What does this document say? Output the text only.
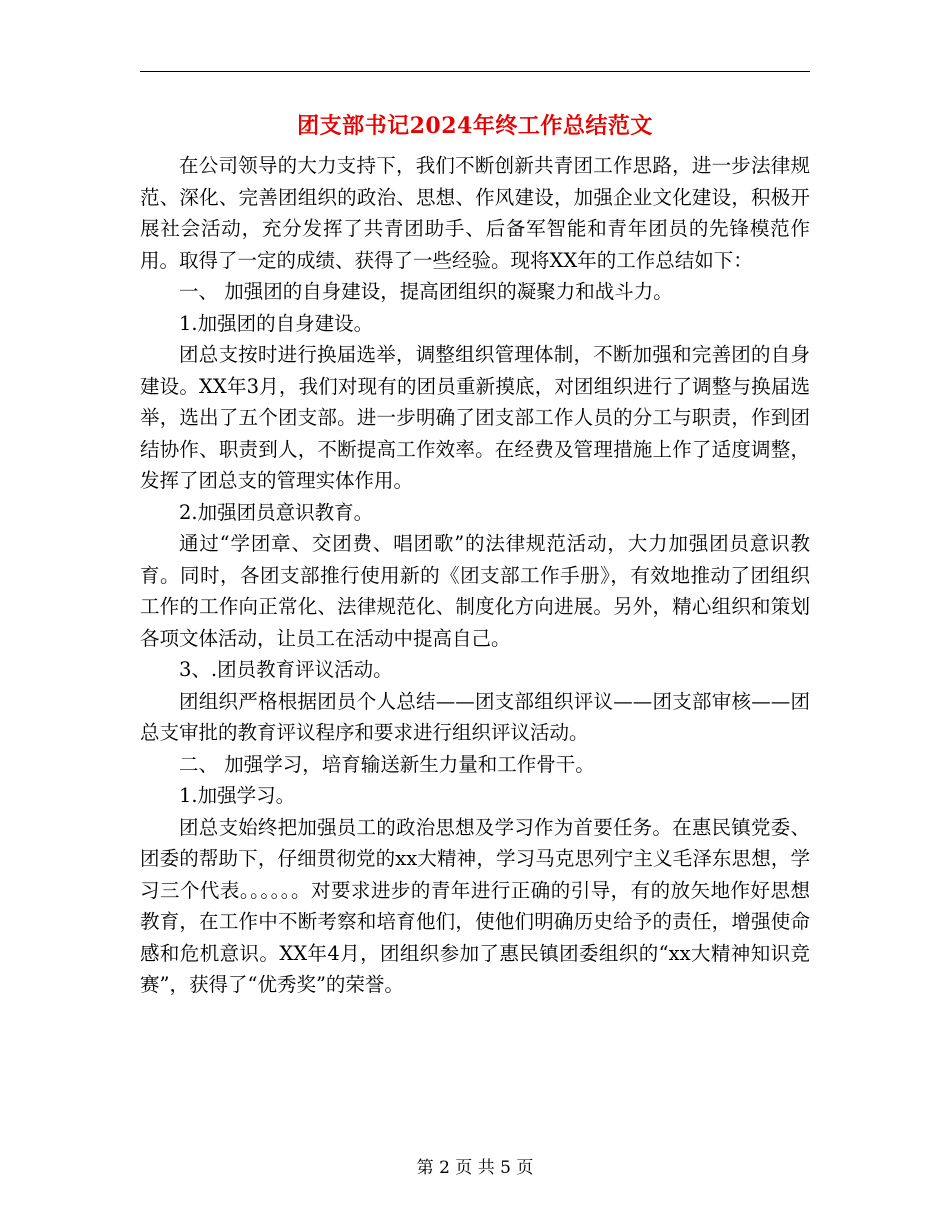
团支部书记2024年终工作总结范文

在公司领导的大力支持下，我们不断创新共青团工作思路，进一步法律规范、深化、完善团组织的政治、思想、作风建设，加强企业文化建设，积极开展社会活动，充分发挥了共青团助手、后备军智能和青年团员的先锋模范作用。取得了一定的成绩、获得了一些经验。现将XX年的工作总结如下：

一、 加强团的自身建设，提高团组织的凝聚力和战斗力。

1.加强团的自身建设。

团总支按时进行换届选举，调整组织管理体制，不断加强和完善团的自身建设。XX年3月，我们对现有的团员重新摸底，对团组织进行了调整与换届选举，选出了五个团支部。进一步明确了团支部工作人员的分工与职责，作到团结协作、职责到人，不断提高工作效率。在经费及管理措施上作了适度调整，发挥了团总支的管理实体作用。

2.加强团员意识教育。

通过“学团章、交团费、唱团歌”的法律规范活动，大力加强团员意识教育。同时，各团支部推行使用新的《团支部工作手册》，有效地推动了团组织工作的工作向正常化、法律规范化、制度化方向进展。另外，精心组织和策划各项文体活动，让员工在活动中提高自己。

3、.团员教育评议活动。

团组织严格根据团员个人总结——团支部组织评议——团支部审核——团总支审批的教育评议程序和要求进行组织评议活动。

二、 加强学习，培育输送新生力量和工作骨干。

1.加强学习。

团总支始终把加强员工的政治思想及学习作为首要任务。在惠民镇党委、团委的帮助下，仔细贯彻党的xx大精神，学习马克思列宁主义毛泽东思想，学习三个代表。。。。。。对要求进步的青年进行正确的引导，有的放矢地作好思想教育，在工作中不断考察和培育他们，使他们明确历史给予的责任，增强使命感和危机意识。XX年4月，团组织参加了惠民镇团委组织的“xx大精神知识竞赛”，获得了“优秀奖”的荣誉。

第 2 页 共 5 页
